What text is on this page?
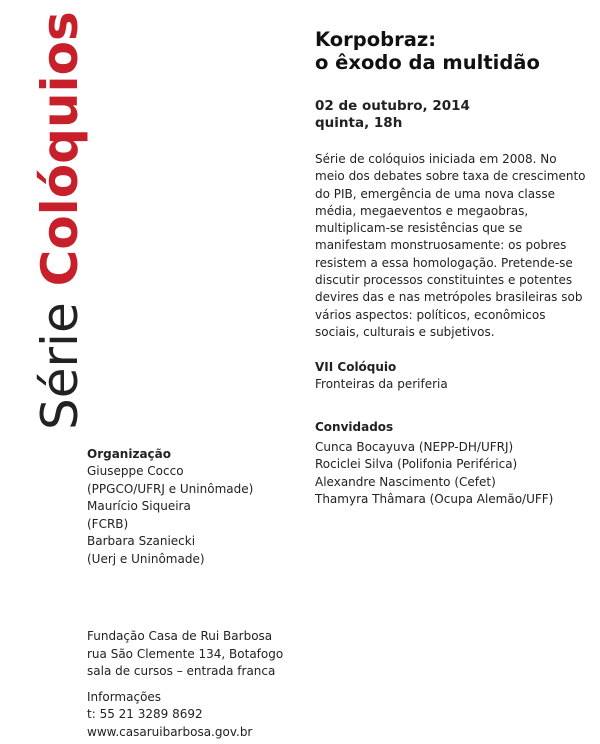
Série Colóquios	Korpobraz:
o êxodo da multidão
02 de outubro, 2014
quinta, 18h

Série de colóquios iniciada em 2008. No meio dos debates sobre taxa de crescimento do PIB, emergência de uma nova classe média, megaeventos e megaobras, multiplicam-se resistências que se manifestam monstruosamente: os pobres resistem a essa homologação. Pretende-se discutir processos constituintes e potentes devires das e nas metrópoles brasileiras sob vários aspectos: políticos, econômicos sociais, culturais e subjetivos.

VII Colóquio
Fronteiras da periferia
Convidados
Cunca Bocayuva (NEPP-DH/UFRJ)
Rociclei Silva (Polifonia Periférica)
Alexandre Nascimento (Cefet)
Thamyra Thâmara (Ocupa Alemão/UFF)
Organização
Giuseppe Cocco
(PPGCO/UFRJ e Uninômade)
Maurício Siqueira
(FCRB)
Barbara Szaniecki
(Uerj e Uninômade)
Fundação Casa de Rui Barbosa
rua São Clemente 134, Botafogo
sala de cursos – entrada franca
Informações
t: 55 21 3289 8692
www.casaruibarbosa.gov.br
